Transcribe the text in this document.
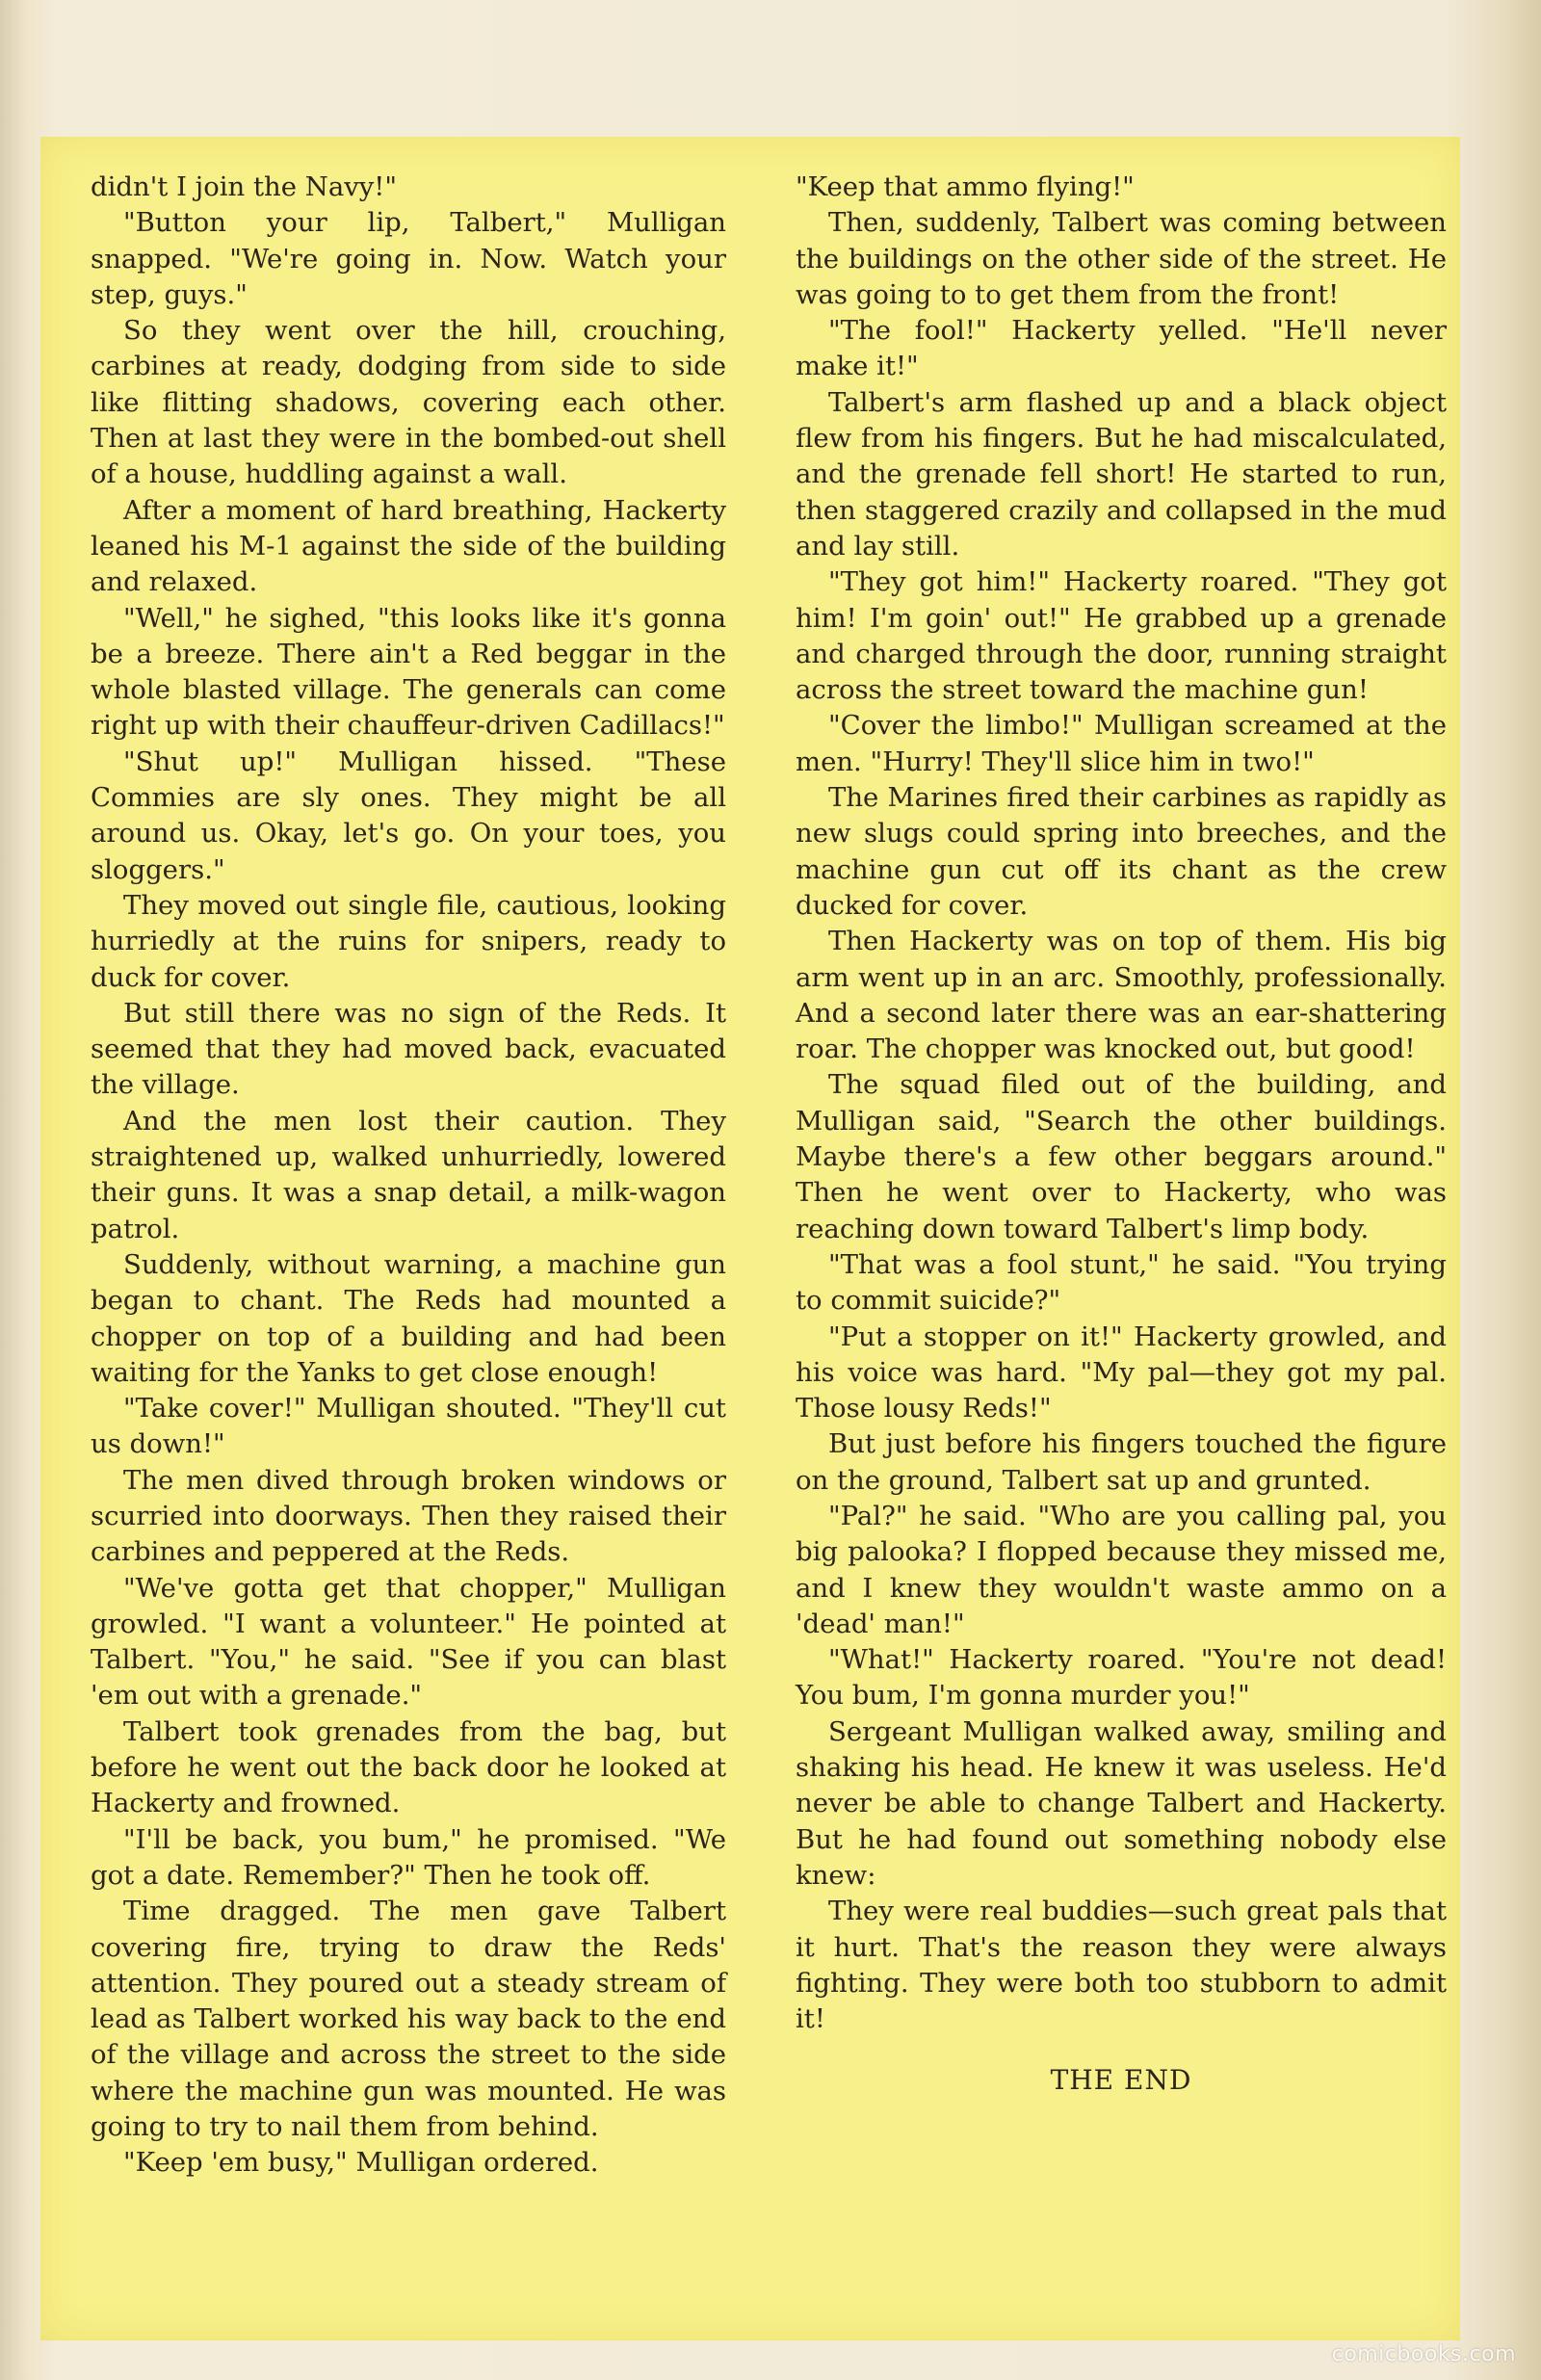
didn't I join the Navy!"

"Button your lip, Talbert," Mulligan snapped. "We're going in. Now. Watch your step, guys."

So they went over the hill, crouching, carbines at ready, dodging from side to side like flitting shadows, covering each other. Then at last they were in the bombed-out shell of a house, huddling against a wall.

After a moment of hard breathing, Hackerty leaned his M-1 against the side of the building and relaxed.

"Well," he sighed, "this looks like it's gonna be a breeze. There ain't a Red beggar in the whole blasted village. The generals can come right up with their chauffeur-driven Cadillacs!"

"Shut up!" Mulligan hissed. "These Commies are sly ones. They might be all around us. Okay, let's go. On your toes, you sloggers."

They moved out single file, cautious, looking hurriedly at the ruins for snipers, ready to duck for cover.

But still there was no sign of the Reds. It seemed that they had moved back, evacuated the village.

And the men lost their caution. They straightened up, walked unhurriedly, lowered their guns. It was a snap detail, a milk-wagon patrol.

Suddenly, without warning, a machine gun began to chant. The Reds had mounted a chopper on top of a building and had been waiting for the Yanks to get close enough!

"Take cover!" Mulligan shouted. "They'll cut us down!"

The men dived through broken windows or scurried into doorways. Then they raised their carbines and peppered at the Reds.

"We've gotta get that chopper," Mulligan growled. "I want a volunteer." He pointed at Talbert. "You," he said. "See if you can blast 'em out with a grenade."

Talbert took grenades from the bag, but before he went out the back door he looked at Hackerty and frowned.

"I'll be back, you bum," he promised. "We got a date. Remember?" Then he took off.

Time dragged. The men gave Talbert covering fire, trying to draw the Reds' attention. They poured out a steady stream of lead as Talbert worked his way back to the end of the village and across the street to the side where the machine gun was mounted. He was going to try to nail them from behind.

"Keep 'em busy," Mulligan ordered.

"Keep that ammo flying!"

Then, suddenly, Talbert was coming between the buildings on the other side of the street. He was going to to get them from the front!

"The fool!" Hackerty yelled. "He'll never make it!"

Talbert's arm flashed up and a black object flew from his fingers. But he had miscalculated, and the grenade fell short! He started to run, then staggered crazily and collapsed in the mud and lay still.

"They got him!" Hackerty roared. "They got him! I'm goin' out!" He grabbed up a grenade and charged through the door, running straight across the street toward the machine gun!

"Cover the limbo!" Mulligan screamed at the men. "Hurry! They'll slice him in two!"

The Marines fired their carbines as rapidly as new slugs could spring into breeches, and the machine gun cut off its chant as the crew ducked for cover.

Then Hackerty was on top of them. His big arm went up in an arc. Smoothly, professionally. And a second later there was an ear-shattering roar. The chopper was knocked out, but good!

The squad filed out of the building, and Mulligan said, "Search the other buildings. Maybe there's a few other beggars around." Then he went over to Hackerty, who was reaching down toward Talbert's limp body.

"That was a fool stunt," he said. "You trying to commit suicide?"

"Put a stopper on it!" Hackerty growled, and his voice was hard. "My pal—they got my pal. Those lousy Reds!"

But just before his fingers touched the figure on the ground, Talbert sat up and grunted.

"Pal?" he said. "Who are you calling pal, you big palooka? I flopped because they missed me, and I knew they wouldn't waste ammo on a 'dead' man!"

"What!" Hackerty roared. "You're not dead! You bum, I'm gonna murder you!"

Sergeant Mulligan walked away, smiling and shaking his head. He knew it was useless. He'd never be able to change Talbert and Hackerty. But he had found out something nobody else knew:

They were real buddies—such great pals that it hurt. That's the reason they were always fighting. They were both too stubborn to admit it!

THE END

comicbooks.com
